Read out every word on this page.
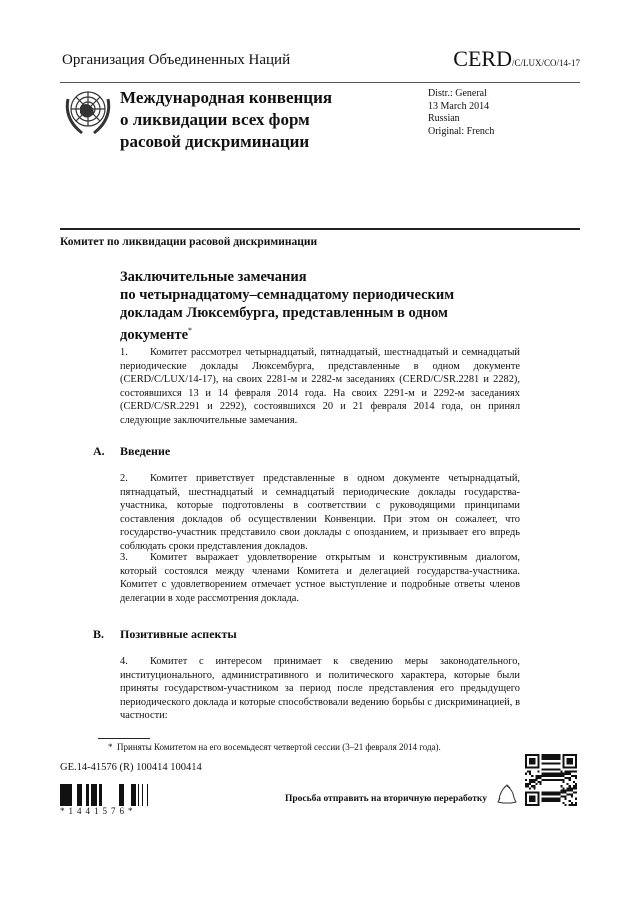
Организация Объединенных Наций	CERD/C/LUX/CO/14-17
Международная конвенция
о ликвидации всех форм
расовой дискриминации
Distr.: General
13 March 2014
Russian
Original: French
Комитет по ликвидации расовой дискриминации
Заключительные замечания
по четырнадцатому–семнадцатому периодическим
докладам Люксембурга, представленным в одном
документе*
1. Комитет рассмотрел четырнадцатый, пятнадцатый, шестнадцатый и семнадцатый периодические доклады Люксембурга, представленные в одном документе (CERD/C/LUX/14-17), на своих 2281-м и 2282-м заседаниях (CERD/C/SR.2281 и 2282), состоявшихся 13 и 14 февраля 2014 года. На своих 2291-м и 2292-м заседаниях (CERD/C/SR.2291 и 2292), состоявшихся 20 и 21 февраля 2014 года, он принял следующие заключительные замечания.
A. Введение
2. Комитет приветствует представленные в одном документе четырнадцатый, пятнадцатый, шестнадцатый и семнадцатый периодические доклады государства-участника, которые подготовлены в соответствии с руководящими принципами составления докладов об осуществлении Конвенции. При этом он сожалеет, что государство-участник представило свои доклады с опозданием, и призывает его впредь соблюдать сроки представления докладов.
3. Комитет выражает удовлетворение открытым и конструктивным диалогом, который состоялся между членами Комитета и делегацией государства-участника. Комитет с удовлетворением отмечает устное выступление и подробные ответы членов делегации в ходе рассмотрения доклада.
B. Позитивные аспекты
4. Комитет с интересом принимает к сведению меры законодательного, институционального, административного и политического характера, которые были приняты государством-участником за период после представления его предыдущего периодического доклада и которые способствовали ведению борьбы с дискриминацией, в частности:
* Приняты Комитетом на его восемьдесят четвертой сессии (3–21 февраля 2014 года).
GE.14-41576 (R) 100414 100414
*1441576*
Просьба отправить на вторичную переработку
